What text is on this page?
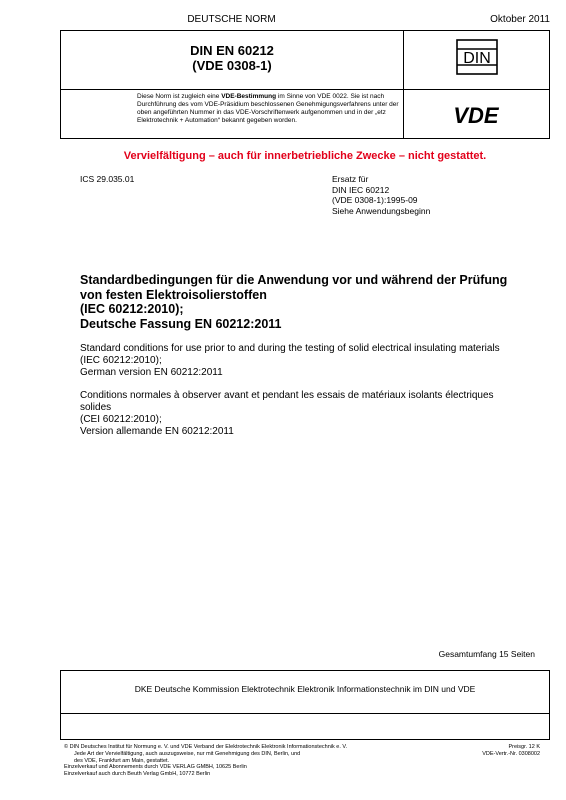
DEUTSCHE NORM	Oktober 2011
DIN EN 60212
(VDE 0308-1)	DIN
Diese Norm ist zugleich eine VDE-Bestimmung im Sinne von VDE 0022. Sie ist nach Durchführung des vom VDE-Präsidium beschlossenen Genehmigungsverfahrens unter der oben angeführten Nummer in das VDE-Vorschriftenwerk aufgenommen und in der „etz Elektrotechnik + Automation“ bekannt gegeben worden.	VDE
Vervielfältigung – auch für innerbetriebliche Zwecke – nicht gestattet.
ICS 29.035.01	Ersatz für
DIN IEC 60212
(VDE 0308-1):1995-09
Siehe Anwendungsbeginn
Standardbedingungen für die Anwendung vor und während der Prüfung
von festen Elektroisolierstoffen
(IEC 60212:2010);
Deutsche Fassung EN 60212:2011
Standard conditions for use prior to and during the testing of solid electrical insulating materials
(IEC 60212:2010);
German version EN 60212:2011
Conditions normales à observer avant et pendant les essais de matériaux isolants électriques
solides
(CEI 60212:2010);
Version allemande EN 60212:2011
Gesamtumfang 15 Seiten
DKE Deutsche Kommission Elektrotechnik Elektronik Informationstechnik im DIN und VDE
© DIN Deutsches Institut für Normung e. V. und VDE Verband der Elektrotechnik Elektronik Informationstechnik e. V.
Jede Art der Vervielfältigung, auch auszugsweise, nur mit Genehmigung des DIN, Berlin, und
des VDE, Frankfurt am Main, gestattet.
Einzelverkauf und Abonnements durch VDE VERLAG GMBH, 10625 Berlin
Einzelverkauf auch durch Beuth Verlag GmbH, 10772 Berlin
Preisgr. 12 K
VDE-Vertr.-Nr. 0308002
